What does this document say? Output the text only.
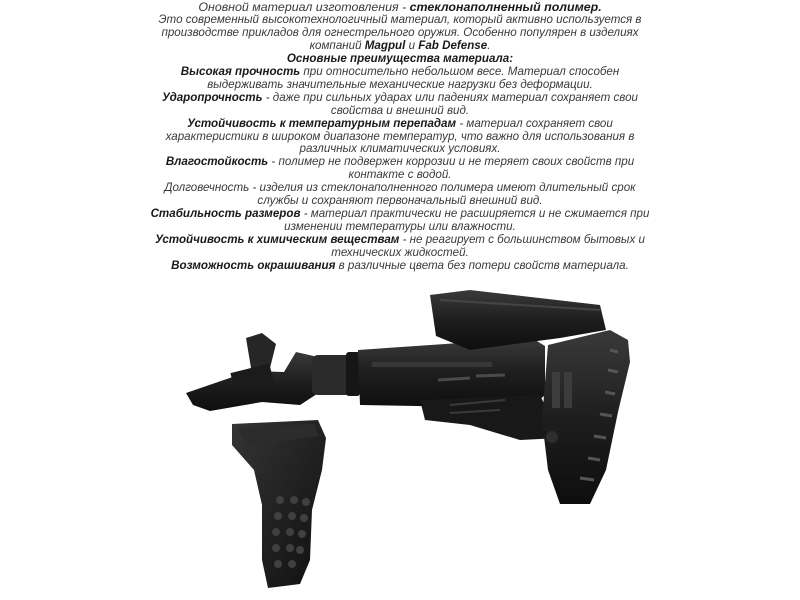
Оновной материал изготовления - стеклонаполненный полимер.

Это современный высокотехнологичный материал, который активно используется в производстве прикладов для огнестрельного оружия. Особенно популярен в изделиях компаний Magpul и Fab Defense.

Основные преимущества материала:

Высокая прочность при относительно небольшом весе. Материал способен выдерживать значительные механические нагрузки без деформации.

Ударопрочность - даже при сильных ударах или падениях материал сохраняет свои свойства и внешний вид.

Устойчивость к температурным перепадам - материал сохраняет свои характеристики в широком диапазоне температур, что важно для использования в различных климатических условиях.

Влагостойкость - полимер не подвержен коррозии и не теряет своих свойств при контакте с водой.

Долговечность - изделия из стеклонаполненного полимера имеют длительный срок службы и сохраняют первоначальный внешний вид.

Стабильность размеров - материал практически не расширяется и не сжимается при изменении температуры или влажности.

Устойчивость к химическим веществам - не реагирует с большинством бытовых и технических жидкостей.

Возможность окрашивания в различные цвета без потери свойств материала.
